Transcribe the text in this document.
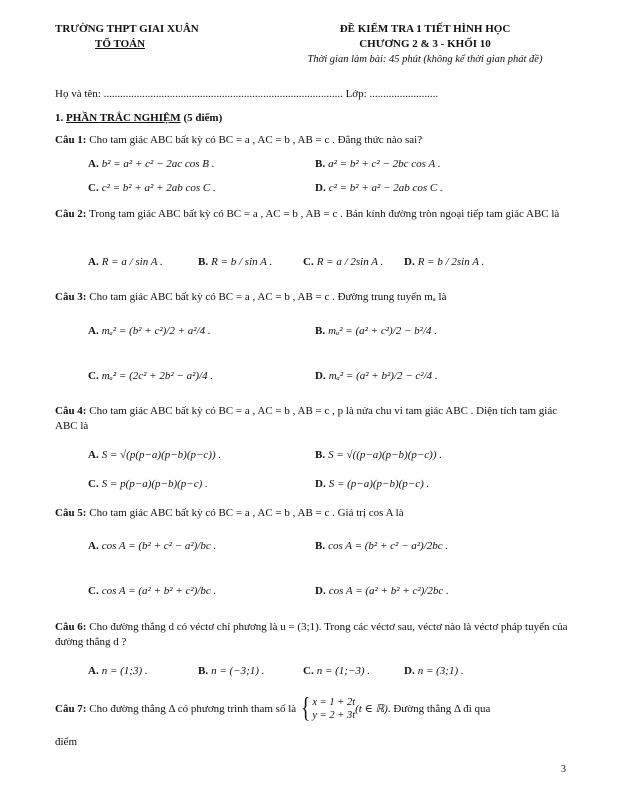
TRƯỜNG THPT GIAI XUÂN
TỔ TOÁN
ĐỀ KIỂM TRA 1 TIẾT HÌNH HỌC
CHƯƠNG 2 & 3 - KHỐI 10
Thời gian làm bài: 45 phút (không kể thời gian phát đề)
Họ và tên: ....................................................................................... Lớp: .........................
1. PHẦN TRẮC NGHIỆM (5 điểm)
Câu 1: Cho tam giác ABC bất kỳ có BC = a , AC = b , AB = c . Đẳng thức nào sai?
A. b² = a² + c² − 2ac cos B .	B. a² = b² + c² − 2bc cos A .
C. c² = b² + a² + 2ab cos C .	D. c² = b² + a² − 2ab cos C .
Câu 2: Trong tam giác ABC bất kỳ có BC = a , AC = b , AB = c . Bán kính đường tròn ngoại tiếp tam giác ABC là
A. R = a / sin A .	B. R = b / sin A .	C. R = a / 2sin A . D. R = b / 2sin A .
Câu 3: Cho tam giác ABC bất kỳ có BC = a , AC = b , AB = c . Đường trung tuyến mₐ là
A. mₐ² = (b² + c²)/2 + a²/4 .	B. mₐ² = (a² + c²)/2 − b²/4 .
C. mₐ² = (2c² + 2b² − a²)/4 .	D. mₐ² = (a² + b²)/2 − c²/4 .
Câu 4: Cho tam giác ABC bất kỳ có BC = a , AC = b , AB = c , p là nửa chu vi tam giác ABC . Diện tích tam giác ABC là
A. S = √(p(p−a)(p−b)(p−c)) .	B. S = √((p−a)(p−b)(p−c)) .
C. S = p(p−a)(p−b)(p−c) .	D. S = (p−a)(p−b)(p−c) .
Câu 5: Cho tam giác ABC bất kỳ có BC = a , AC = b , AB = c . Giá trị cos A là
A. cos A = (b² + c² − a²)/bc .	B. cos A = (b² + c² − a²)/2bc .
C. cos A = (a² + b² + c²)/bc .	D. cos A = (a² + b² + c²)/2bc .
Câu 6: Cho đường thẳng d có véctơ chỉ phương là u = (3;1). Trong các véctơ sau, véctơ nào là véctơ pháp tuyến của đường thẳng d ?
A. n = (1;3) .	B. n = (−3;1) .	C. n = (1;−3) .	D. n = (3;1) .
Câu 7:
Cho đường thẳng Δ có phương trình tham số là
{ x = 1 + 2t
y = 2 + 3t
(t ∈ ℝ) . Đường thẳng Δ đi qua
điểm
3
